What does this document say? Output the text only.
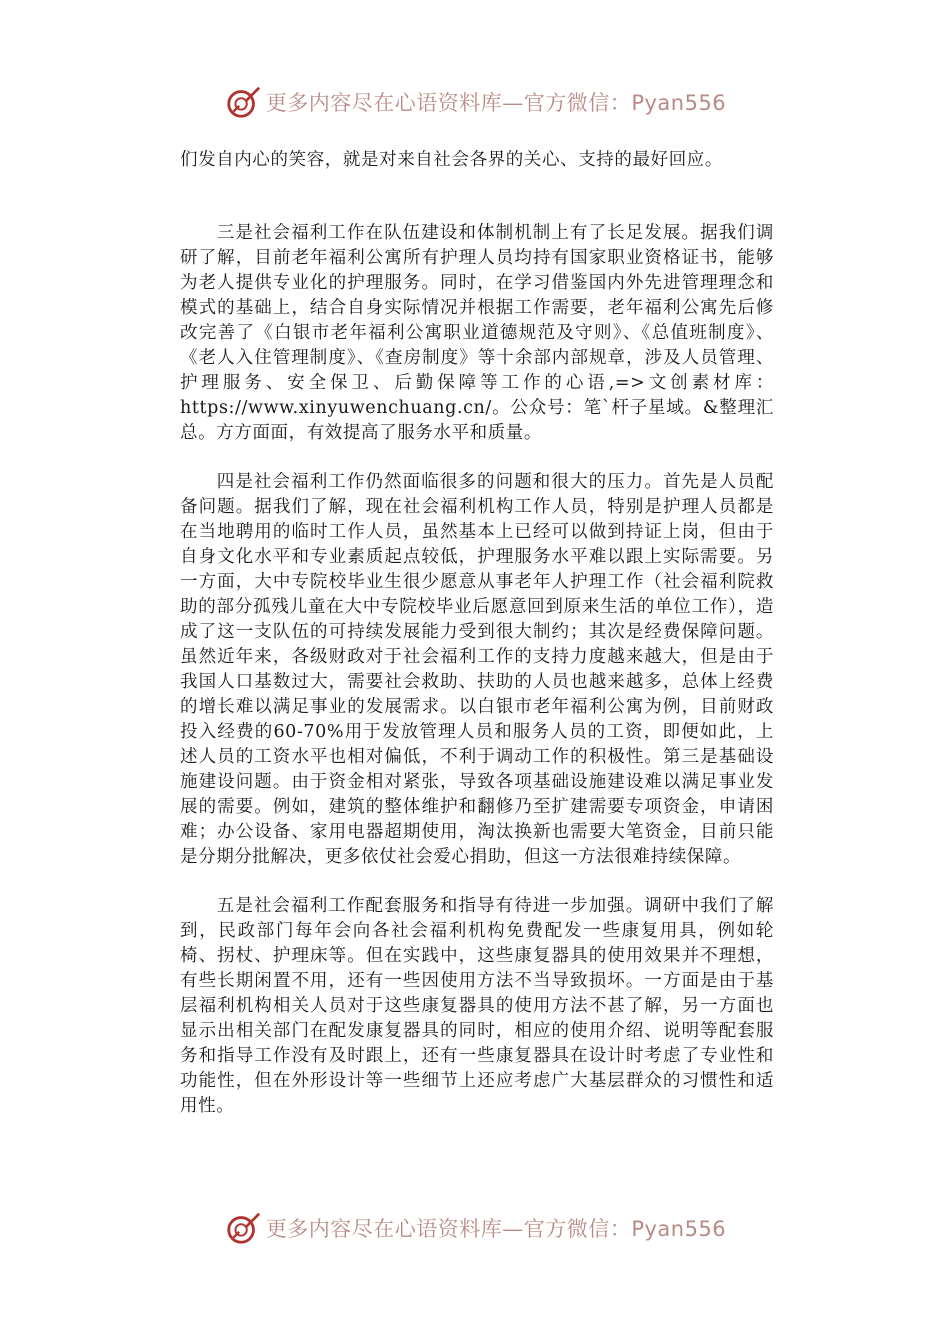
更多内容尽在心语资料库—官方微信：Pyan556

们发自内心的笑容，就是对来自社会各界的关心、支持的最好回应。

三是社会福利工作在队伍建设和体制机制上有了长足发展。据我们调研了解，目前老年福利公寓所有护理人员均持有国家职业资格证书，能够为老人提供专业化的护理服务。同时，在学习借鉴国内外先进管理理念和模式的基础上，结合自身实际情况并根据工作需要，老年福利公寓先后修改完善了《白银市老年福利公寓职业道德规范及守则》、《总值班制度》、《老人入住管理制度》、《查房制度》等十余部内部规章，涉及人员管理、护理服务、安全保卫、后勤保障等工作的心语,=>文创素材库：https://www.xinyuwenchuang.cn/。公众号：笔`杆子星域。&整理汇总。方方面面，有效提高了服务水平和质量。

四是社会福利工作仍然面临很多的问题和很大的压力。首先是人员配备问题。据我们了解，现在社会福利机构工作人员，特别是护理人员都是在当地聘用的临时工作人员，虽然基本上已经可以做到持证上岗，但由于自身文化水平和专业素质起点较低，护理服务水平难以跟上实际需要。另一方面，大中专院校毕业生很少愿意从事老年人护理工作（社会福利院救助的部分孤残儿童在大中专院校毕业后愿意回到原来生活的单位工作），造成了这一支队伍的可持续发展能力受到很大制约；其次是经费保障问题。虽然近年来，各级财政对于社会福利工作的支持力度越来越大，但是由于我国人口基数过大，需要社会救助、扶助的人员也越来越多，总体上经费的增长难以满足事业的发展需求。以白银市老年福利公寓为例，目前财政投入经费的60-70%用于发放管理人员和服务人员的工资，即便如此，上述人员的工资水平也相对偏低，不利于调动工作的积极性。第三是基础设施建设问题。由于资金相对紧张，导致各项基础设施建设难以满足事业发展的需要。例如，建筑的整体维护和翻修乃至扩建需要专项资金，申请困难；办公设备、家用电器超期使用，淘汰换新也需要大笔资金，目前只能是分期分批解决，更多依仗社会爱心捐助，但这一方法很难持续保障。

五是社会福利工作配套服务和指导有待进一步加强。调研中我们了解到，民政部门每年会向各社会福利机构免费配发一些康复用具，例如轮椅、拐杖、护理床等。但在实践中，这些康复器具的使用效果并不理想，有些长期闲置不用，还有一些因使用方法不当导致损坏。一方面是由于基层福利机构相关人员对于这些康复器具的使用方法不甚了解，另一方面也显示出相关部门在配发康复器具的同时，相应的使用介绍、说明等配套服务和指导工作没有及时跟上，还有一些康复器具在设计时考虑了专业性和功能性，但在外形设计等一些细节上还应考虑广大基层群众的习惯性和适用性。

更多内容尽在心语资料库—官方微信：Pyan556
